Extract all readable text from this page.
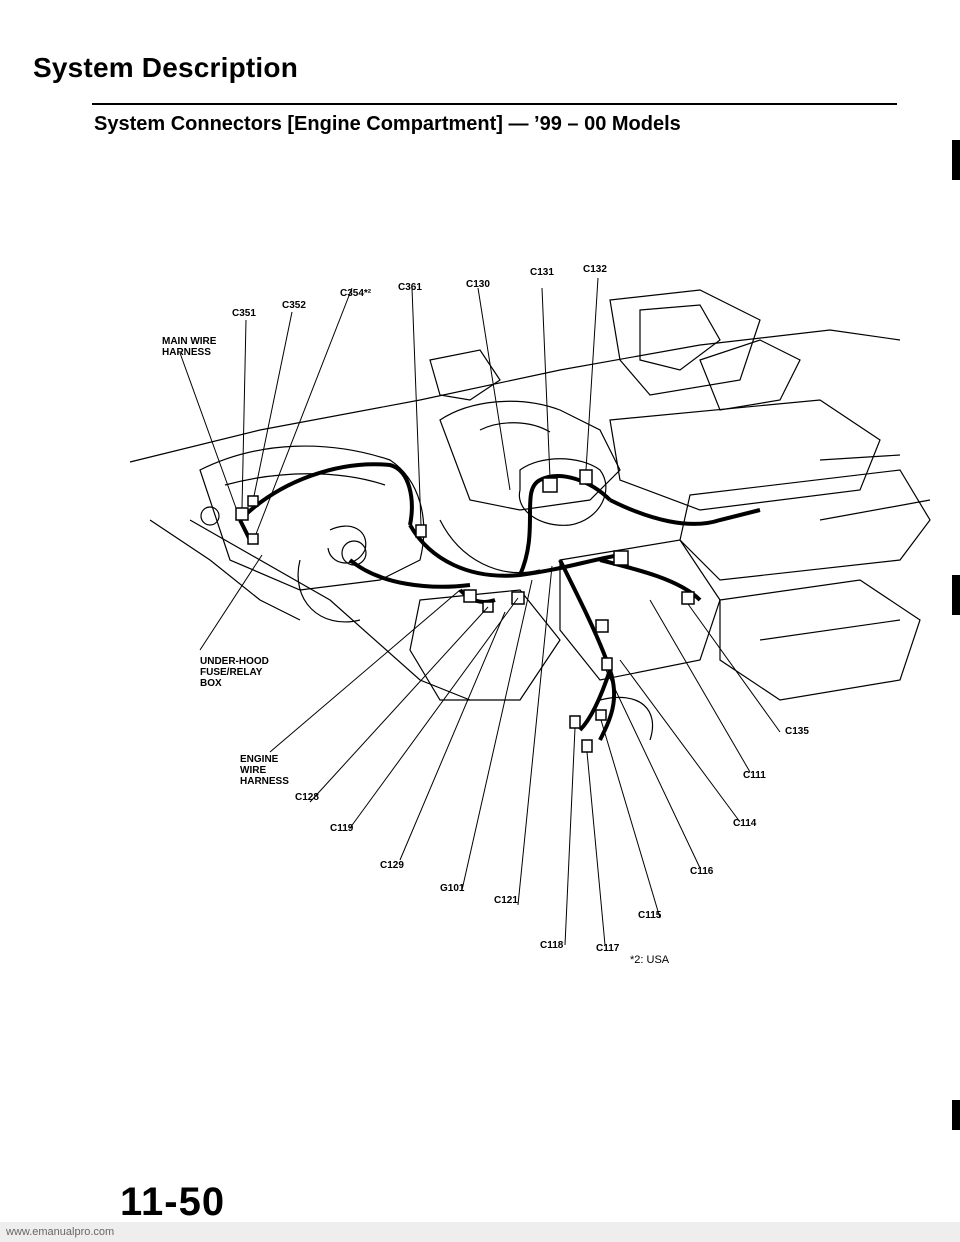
System Description
System Connectors [Engine Compartment] — ’99 – 00 Models
C351
C352
C354*²
C361	C130
C131	C132
MAIN WIRE
HARNESS
UNDER-HOOD
FUSE/RELAY
BOX
ENGINE
WIRE
HARNESS
C128
C119
C129
G101
C121
C118	C117
C115
C116
C114
C111
C135
*2: USA
11-50
www.emanualpro.com
